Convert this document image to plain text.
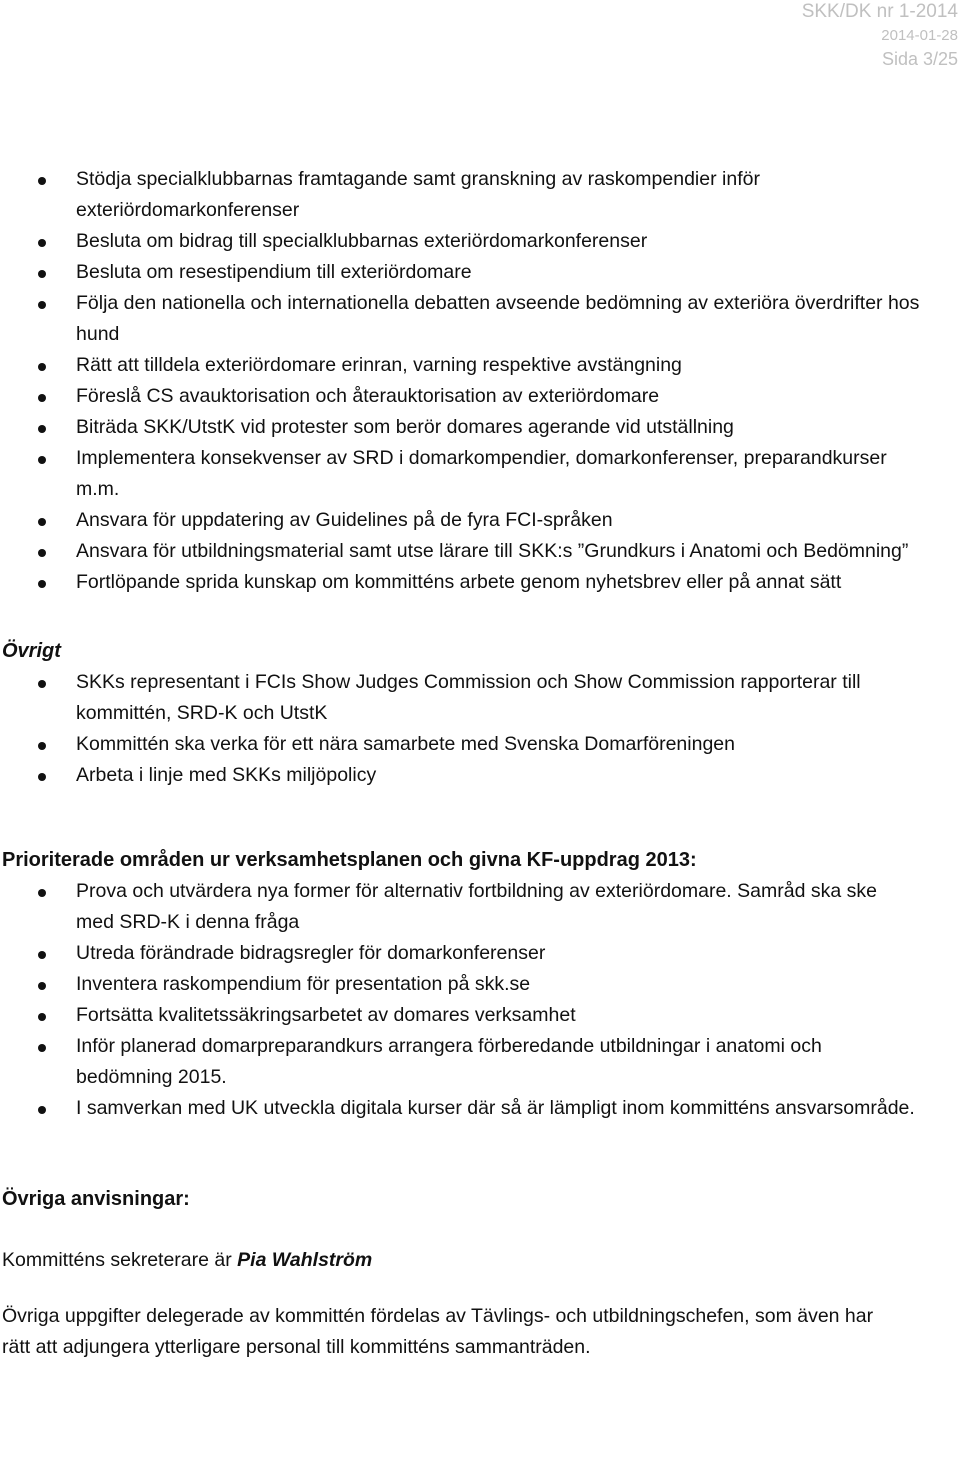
SKK/DK nr 1-2014
2014-01-28
Sida 3/25
Stödja specialklubbarnas framtagande samt granskning av raskompendier inför exteriördomarkonferenser
Besluta om bidrag till specialklubbarnas exteriördomarkonferenser
Besluta om resestipendium till exteriördomare
Följa den nationella och internationella debatten avseende bedömning av exteriöra överdrifter hos hund
Rätt att tilldela exteriördomare erinran, varning respektive avstängning
Föreslå CS avauktorisation och återauktorisation av exteriördomare
Biträda SKK/UtstK vid protester som berör domares agerande vid utställning
Implementera konsekvenser av SRD i domarkompendier, domarkonferenser, preparandkurser m.m.
Ansvara för uppdatering av Guidelines på de fyra FCI-språken
Ansvara för utbildningsmaterial samt utse lärare till SKK:s ”Grundkurs i Anatomi och Bedömning”
Fortlöpande sprida kunskap om kommitténs arbete genom nyhetsbrev eller på annat sätt
Övrigt
SKKs representant i FCIs Show Judges Commission och Show Commission rapporterar till kommittén, SRD-K och UtstK
Kommittén ska verka för ett nära samarbete med Svenska Domarföreningen
Arbeta i linje med SKKs miljöpolicy
Prioriterade områden ur verksamhetsplanen och givna KF-uppdrag 2013:
Prova och utvärdera nya former för alternativ fortbildning av exteriördomare. Samråd ska ske med SRD-K i denna fråga
Utreda förändrade bidragsregler för domarkonferenser
Inventera raskompendium för presentation på skk.se
Fortsätta kvalitetssäkringsarbetet av domares verksamhet
Inför planerad domarpreparandkurs arrangera förberedande utbildningar i anatomi och bedömning 2015.
I samverkan med UK utveckla digitala kurser där så är lämpligt inom kommitténs ansvarsområde.
Övriga anvisningar:
Kommitténs sekreterare är Pia Wahlström
Övriga uppgifter delegerade av kommittén fördelas av Tävlings- och utbildningschefen, som även har rätt att adjungera ytterligare personal till kommitténs sammanträden.
